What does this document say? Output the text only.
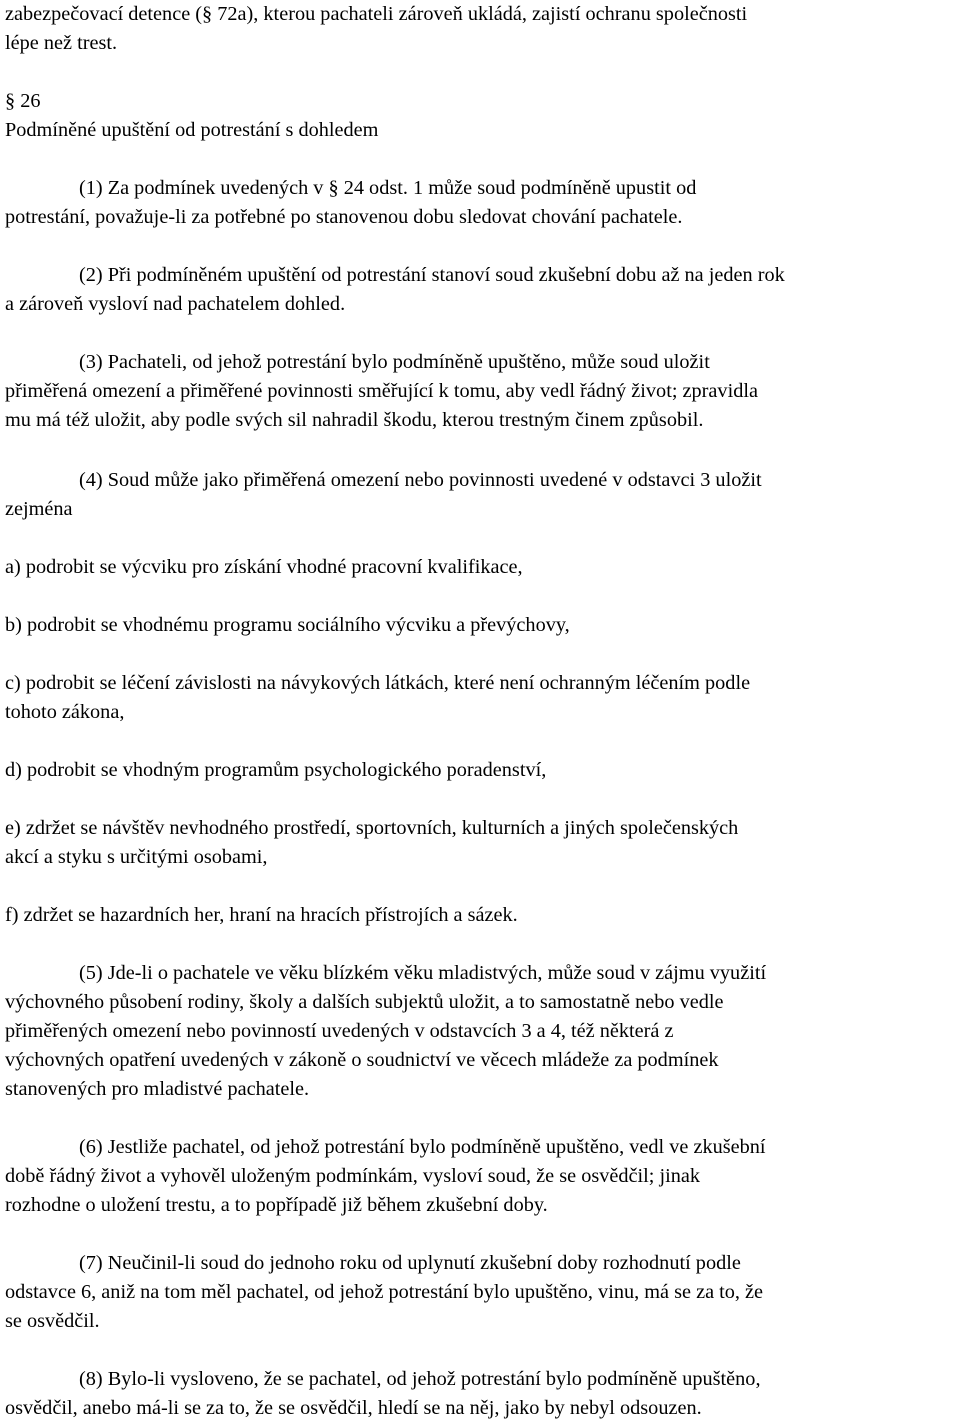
zabezpečovací detence (§ 72a), kterou pachateli zároveň ukládá, zajistí ochranu společnosti
lépe než trest.
§ 26
Podmíněné upuštění od potrestání s dohledem
(1) Za podmínek uvedených v § 24 odst. 1 může soud podmíněně upustit od
potrestání, považuje-li za potřebné po stanovenou dobu sledovat chování pachatele.
(2) Při podmíněném upuštění od potrestání stanoví soud zkušební dobu až na jeden rok
a zároveň vysloví nad pachatelem dohled.
(3) Pachateli, od jehož potrestání bylo podmíněně upuštěno, může soud uložit
přiměřená omezení a přiměřené povinnosti směřující k tomu, aby vedl řádný život; zpravidla
mu má též uložit, aby podle svých sil nahradil škodu, kterou trestným činem způsobil.
(4) Soud může jako přiměřená omezení nebo povinnosti uvedené v odstavci 3 uložit
zejména
a) podrobit se výcviku pro získání vhodné pracovní kvalifikace,
b) podrobit se vhodnému programu sociálního výcviku a převýchovy,
c) podrobit se léčení závislosti na návykových látkách, které není ochranným léčením podle
tohoto zákona,
d) podrobit se vhodným programům psychologického poradenství,
e) zdržet se návštěv nevhodného prostředí, sportovních, kulturních a jiných společenských
akcí a styku s určitými osobami,
f) zdržet se hazardních her, hraní na hracích přístrojích a sázek.
(5) Jde-li o pachatele ve věku blízkém věku mladistvých, může soud v zájmu využití
výchovného působení rodiny, školy a dalších subjektů uložit, a to samostatně nebo vedle
přiměřených omezení nebo povinností uvedených v odstavcích 3 a 4, též některá z
výchovných opatření uvedených v zákoně o soudnictví ve věcech mládeže za podmínek
stanovených pro mladistvé pachatele.
(6) Jestliže pachatel, od jehož potrestání bylo podmíněně upuštěno, vedl ve zkušební
době řádný život a vyhověl uloženým podmínkám, vysloví soud, že se osvědčil; jinak
rozhodne o uložení trestu, a to popřípadě již během zkušební doby.
(7) Neučinil-li soud do jednoho roku od uplynutí zkušební doby rozhodnutí podle
odstavce 6, aniž na tom měl pachatel, od jehož potrestání bylo upuštěno, vinu, má se za to, že
se osvědčil.
(8) Bylo-li vysloveno, že se pachatel, od jehož potrestání bylo podmíněně upuštěno,
osvědčil, anebo má-li se za to, že se osvědčil, hledí se na něj, jako by nebyl odsouzen.
